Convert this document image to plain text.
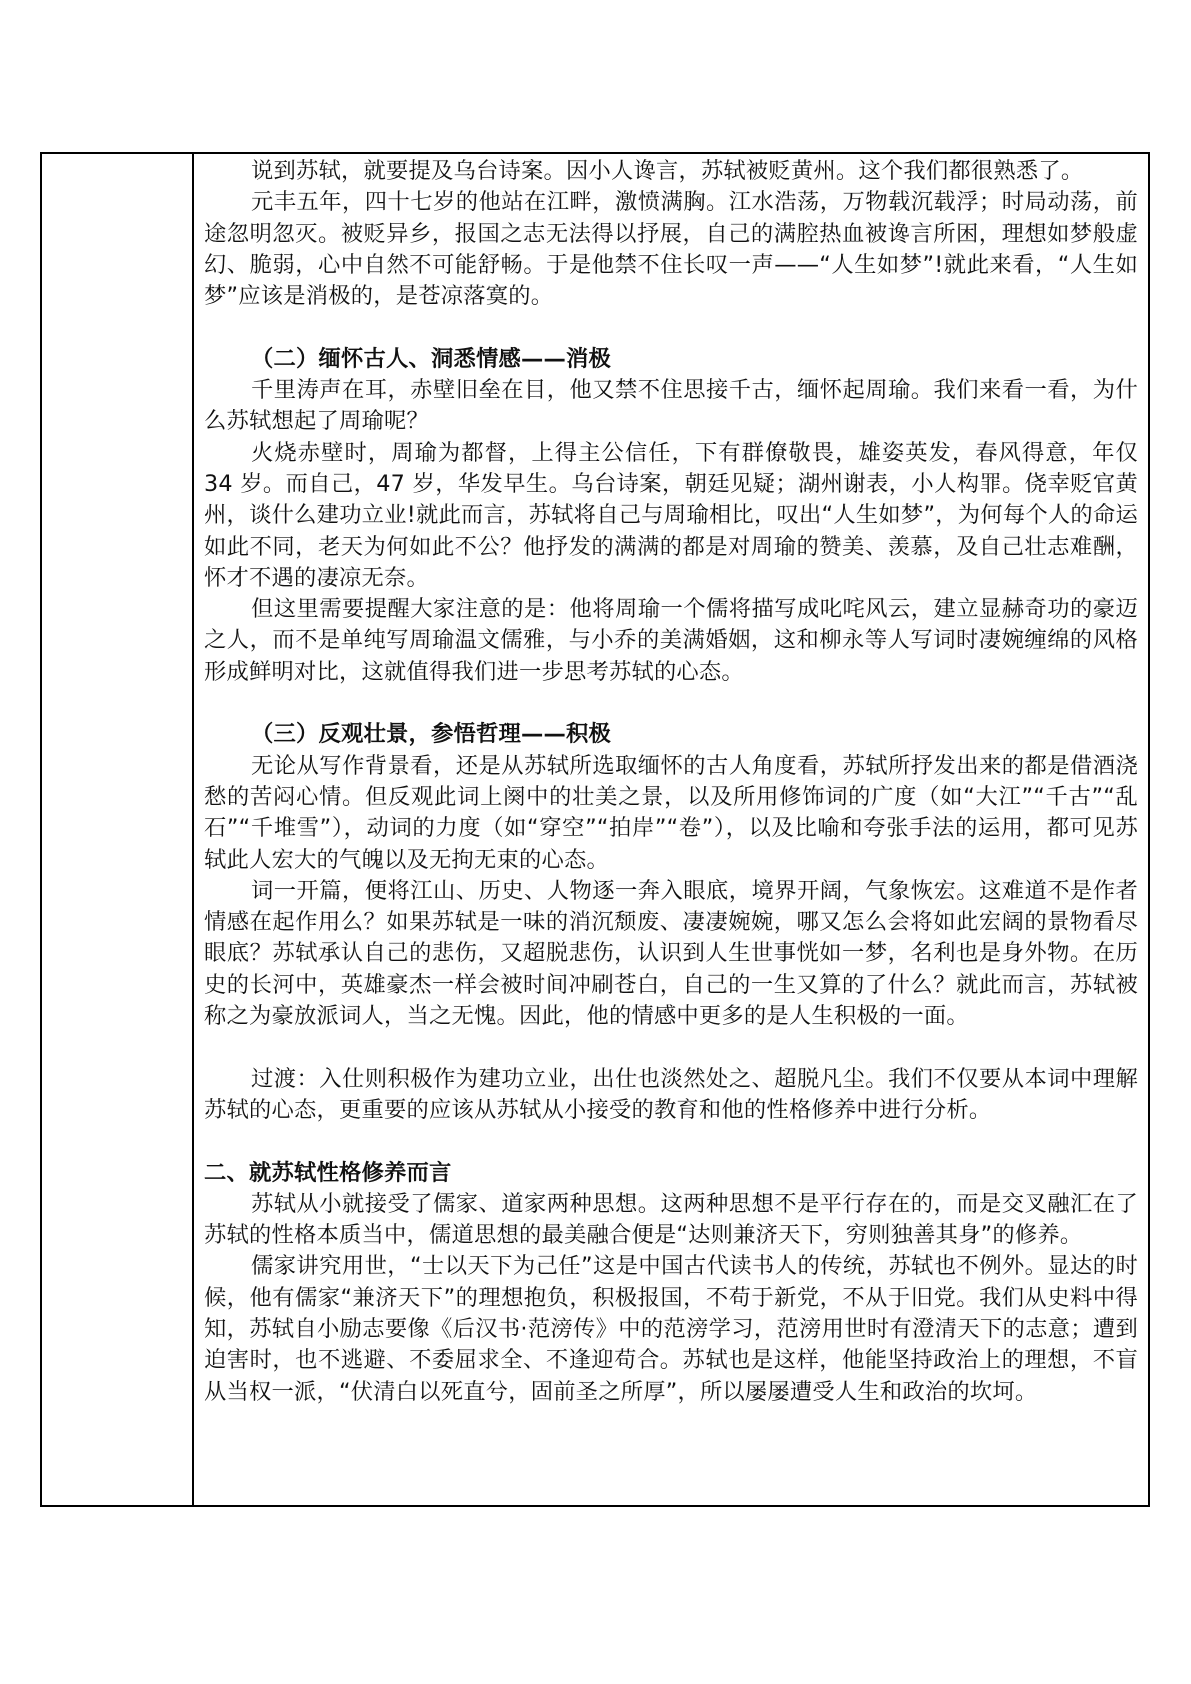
说到苏轼，就要提及乌台诗案。因小人谗言，苏轼被贬黄州。这个我们都很熟悉了。

元丰五年，四十七岁的他站在江畔，激愤满胸。江水浩荡，万物载沉载浮；时局动荡，前途忽明忽灭。被贬异乡，报国之志无法得以抒展，自己的满腔热血被谗言所困，理想如梦般虚幻、脆弱，心中自然不可能舒畅。于是他禁不住长叹一声——“人生如梦”!就此来看，“人生如梦”应该是消极的，是苍凉落寞的。

（二）缅怀古人、洞悉情感——消极

千里涛声在耳，赤壁旧垒在目，他又禁不住思接千古，缅怀起周瑜。我们来看一看，为什么苏轼想起了周瑜呢？

火烧赤壁时，周瑜为都督，上得主公信任，下有群僚敬畏，雄姿英发，春风得意，年仅 34 岁。而自己，47 岁，华发早生。乌台诗案，朝廷见疑；湖州谢表，小人构罪。侥幸贬官黄州，谈什么建功立业!就此而言，苏轼将自己与周瑜相比，叹出“人生如梦”，为何每个人的命运如此不同，老天为何如此不公？他抒发的满满的都是对周瑜的赞美、羡慕，及自己壮志难酬，怀才不遇的凄凉无奈。

但这里需要提醒大家注意的是：他将周瑜一个儒将描写成叱咤风云，建立显赫奇功的豪迈之人，而不是单纯写周瑜温文儒雅，与小乔的美满婚姻，这和柳永等人写词时凄婉缠绵的风格形成鲜明对比，这就值得我们进一步思考苏轼的心态。

（三）反观壮景，参悟哲理——积极

无论从写作背景看，还是从苏轼所选取缅怀的古人角度看，苏轼所抒发出来的都是借酒浇愁的苦闷心情。但反观此词上阕中的壮美之景，以及所用修饰词的广度（如“大江”“千古”“乱石”“千堆雪”），动词的力度（如“穿空”“拍岸”“卷”），以及比喻和夸张手法的运用，都可见苏轼此人宏大的气魄以及无拘无束的心态。

词一开篇，便将江山、历史、人物逐一奔入眼底，境界开阔，气象恢宏。这难道不是作者情感在起作用么？如果苏轼是一味的消沉颓废、凄凄婉婉，哪又怎么会将如此宏阔的景物看尽眼底？苏轼承认自己的悲伤，又超脱悲伤，认识到人生世事恍如一梦，名利也是身外物。在历史的长河中，英雄豪杰一样会被时间冲刷苍白，自己的一生又算的了什么？就此而言，苏轼被称之为豪放派词人，当之无愧。因此，他的情感中更多的是人生积极的一面。

过渡：入仕则积极作为建功立业，出仕也淡然处之、超脱凡尘。我们不仅要从本词中理解苏轼的心态，更重要的应该从苏轼从小接受的教育和他的性格修养中进行分析。

二、就苏轼性格修养而言

苏轼从小就接受了儒家、道家两种思想。这两种思想不是平行存在的，而是交叉融汇在了苏轼的性格本质当中，儒道思想的最美融合便是“达则兼济天下，穷则独善其身”的修养。

儒家讲究用世，“士以天下为己任”这是中国古代读书人的传统，苏轼也不例外。显达的时候，他有儒家“兼济天下”的理想抱负，积极报国，不苟于新党，不从于旧党。我们从史料中得知，苏轼自小励志要像《后汉书·范滂传》中的范滂学习，范滂用世时有澄清天下的志意；遭到迫害时，也不逃避、不委屈求全、不逢迎苟合。苏轼也是这样，他能坚持政治上的理想，不盲从当权一派，“伏清白以死直兮，固前圣之所厚”，所以屡屡遭受人生和政治的坎坷。
